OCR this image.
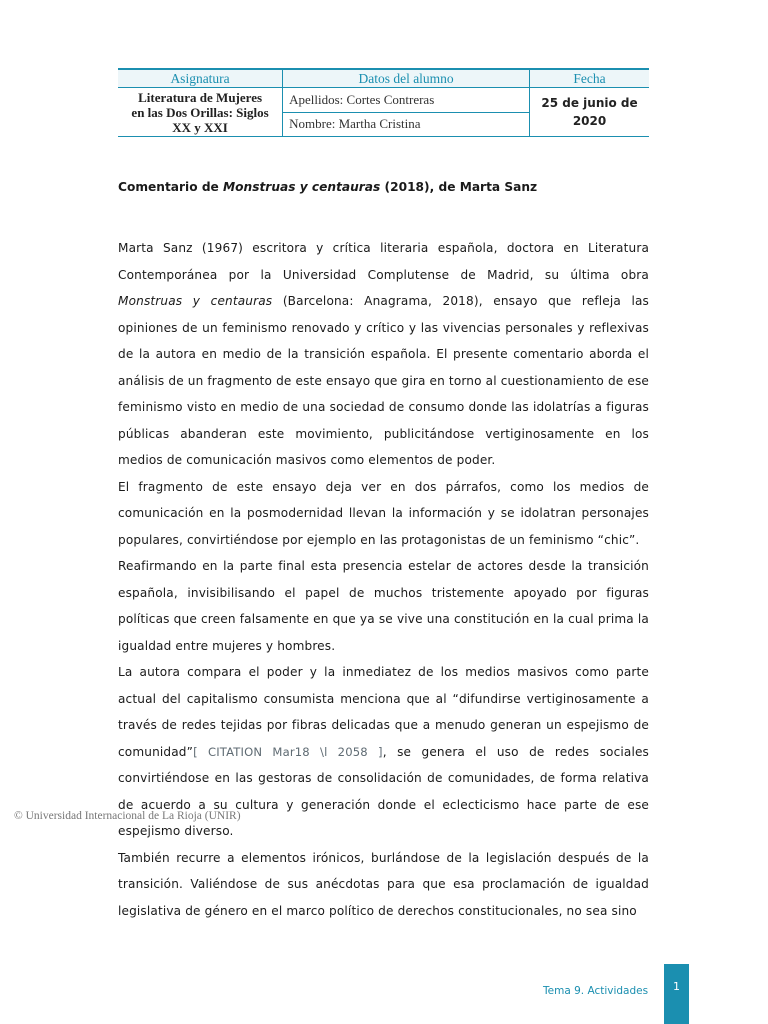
Asignatura	Datos del alumno	Fecha
Literatura de Mujeres
en las Dos Orillas: Siglos
XX y XXI	Apellidos: Cortes Contreras	25 de junio de
2020
	Nombre: Martha Cristina	
Comentario de Monstruas y centauras (2018), de Marta Sanz

Marta Sanz (1967) escritora y crítica literaria española, doctora en Literatura Contemporánea por la Universidad Complutense de Madrid, su última obra Monstruas y centauras (Barcelona: Anagrama, 2018), ensayo que refleja las opiniones de un feminismo renovado y crítico y las vivencias personales y reflexivas de la autora en medio de la transición española. El presente comentario aborda el análisis de un fragmento de este ensayo que gira en torno al cuestionamiento de ese feminismo visto en medio de una sociedad de consumo donde las idolatrías a figuras públicas abanderan este movimiento, publicitándose vertiginosamente en los medios de comunicación masivos como elementos de poder.

El fragmento de este ensayo deja ver en dos párrafos, como los medios de comunicación en la posmodernidad llevan la información y se idolatran personajes populares, convirtiéndose por ejemplo en las protagonistas de un feminismo “chic”.

Reafirmando en la parte final esta presencia estelar de actores desde la transición española, invisibilisando el papel de muchos tristemente apoyado por figuras políticas que creen falsamente en que ya se vive una constitución en la cual prima la igualdad entre mujeres y hombres.

La autora compara el poder y la inmediatez de los medios masivos como parte actual del capitalismo consumista menciona que al “difundirse vertiginosamente a través de redes tejidas por fibras delicadas que a menudo generan un espejismo de comunidad”[ CITATION Mar18 \l 2058 ], se genera el uso de redes sociales convirtiéndose en las gestoras de consolidación de comunidades, de forma relativa de acuerdo a su cultura y generación donde el eclecticismo hace parte de ese espejismo diverso.

También recurre a elementos irónicos, burlándose de la legislación después de la transición. Valiéndose de sus anécdotas para que esa proclamación de igualdad legislativa de género en el marco político de derechos constitucionales, no sea sino

© Universidad Internacional de La Rioja (UNIR)
Tema 9. Actividades	1
